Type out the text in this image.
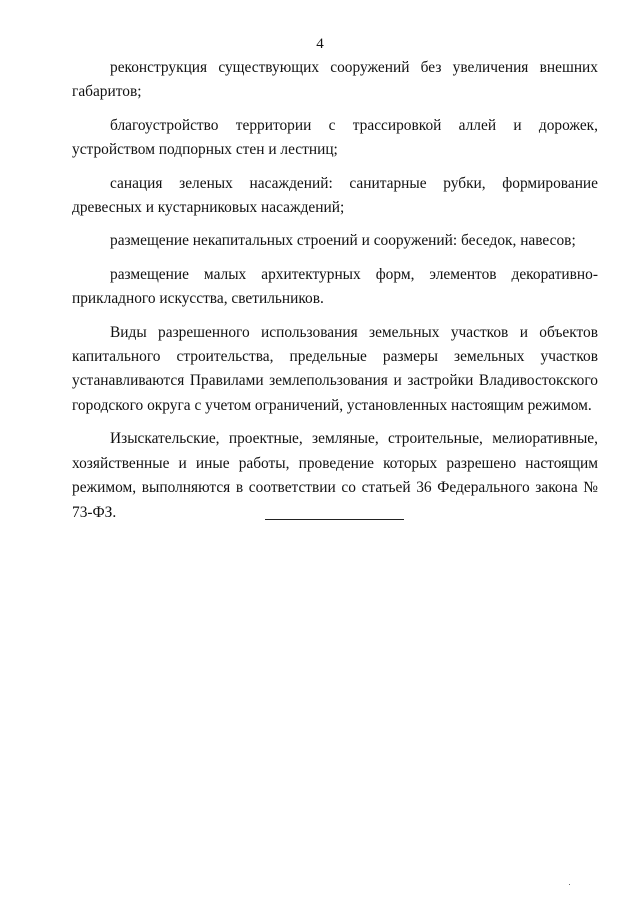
4

реконструкция существующих сооружений без увеличения внешних габаритов;

благоустройство территории с трассировкой аллей и дорожек, устройством подпорных стен и лестниц;

санация зеленых насаждений: санитарные рубки, формирование древесных и кустарниковых насаждений;

размещение некапитальных строений и сооружений: беседок, навесов;

размещение малых архитектурных форм, элементов декоративно-прикладного искусства, светильников.

Виды разрешенного использования земельных участков и объектов капитального строительства, предельные размеры земельных участков устанавливаются Правилами землепользования и застройки Владивостокского городского округа с учетом ограничений, установленных настоящим режимом.

Изыскательские, проектные, земляные, строительные, мелиоративные, хозяйственные и иные работы, проведение которых разрешено настоящим режимом, выполняются в соответствии со статьей 36 Федерального закона № 73-ФЗ.
